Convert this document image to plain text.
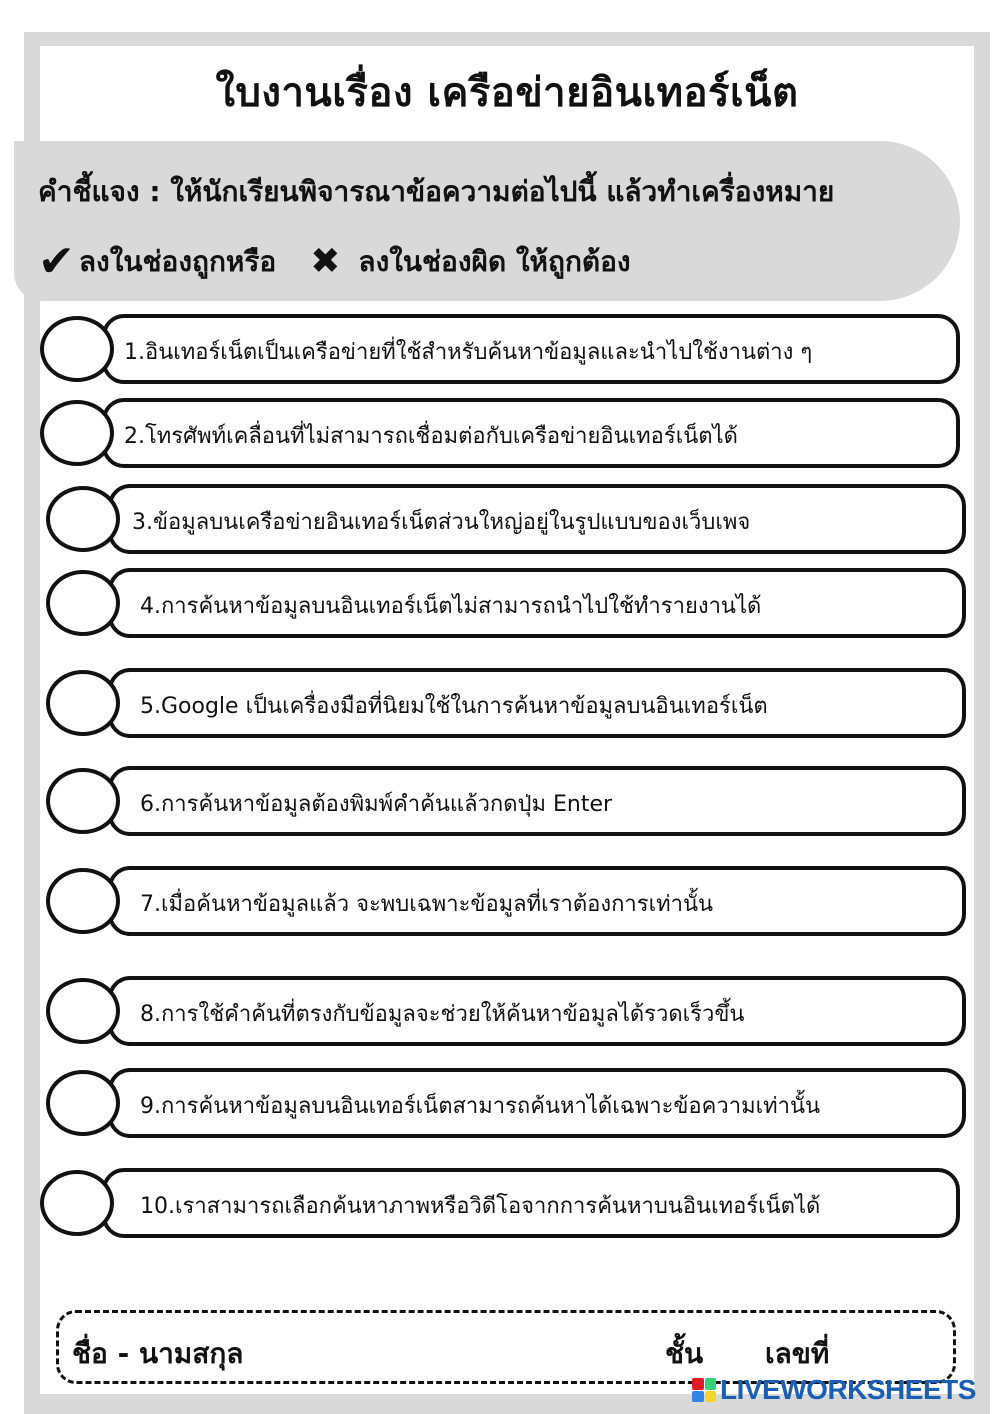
ใบงานเรื่อง เครือข่ายอินเทอร์เน็ต
คำชี้แจง : ให้นักเรียนพิจารณาข้อความต่อไปนี้ แล้วทำเครื่องหมาย
✔ ลงในช่องถูกหรือ ✖ ลงในช่องผิด ให้ถูกต้อง
1.อินเทอร์เน็ตเป็นเครือข่ายที่ใช้สำหรับค้นหาข้อมูลและนำไปใช้งานต่าง ๆ
2.โทรศัพท์เคลื่อนที่ไม่สามารถเชื่อมต่อกับเครือข่ายอินเทอร์เน็ตได้
3.ข้อมูลบนเครือข่ายอินเทอร์เน็ตส่วนใหญ่อยู่ในรูปแบบของเว็บเพจ
4.การค้นหาข้อมูลบนอินเทอร์เน็ตไม่สามารถนำไปใช้ทำรายงานได้
5.Google เป็นเครื่องมือที่นิยมใช้ในการค้นหาข้อมูลบนอินเทอร์เน็ต
6.การค้นหาข้อมูลต้องพิมพ์คำค้นแล้วกดปุ่ม Enter
7.เมื่อค้นหาข้อมูลแล้ว จะพบเฉพาะข้อมูลที่เราต้องการเท่านั้น
8.การใช้คำค้นที่ตรงกับข้อมูลจะช่วยให้ค้นหาข้อมูลได้รวดเร็วขึ้น
9.การค้นหาข้อมูลบนอินเทอร์เน็ตสามารถค้นหาได้เฉพาะข้อความเท่านั้น
10.เราสามารถเลือกค้นหาภาพหรือวิดีโอจากการค้นหาบนอินเทอร์เน็ตได้
ชื่อ - นามสกุล	ชั้น เลขที่
LIVEWORKSHEETS
